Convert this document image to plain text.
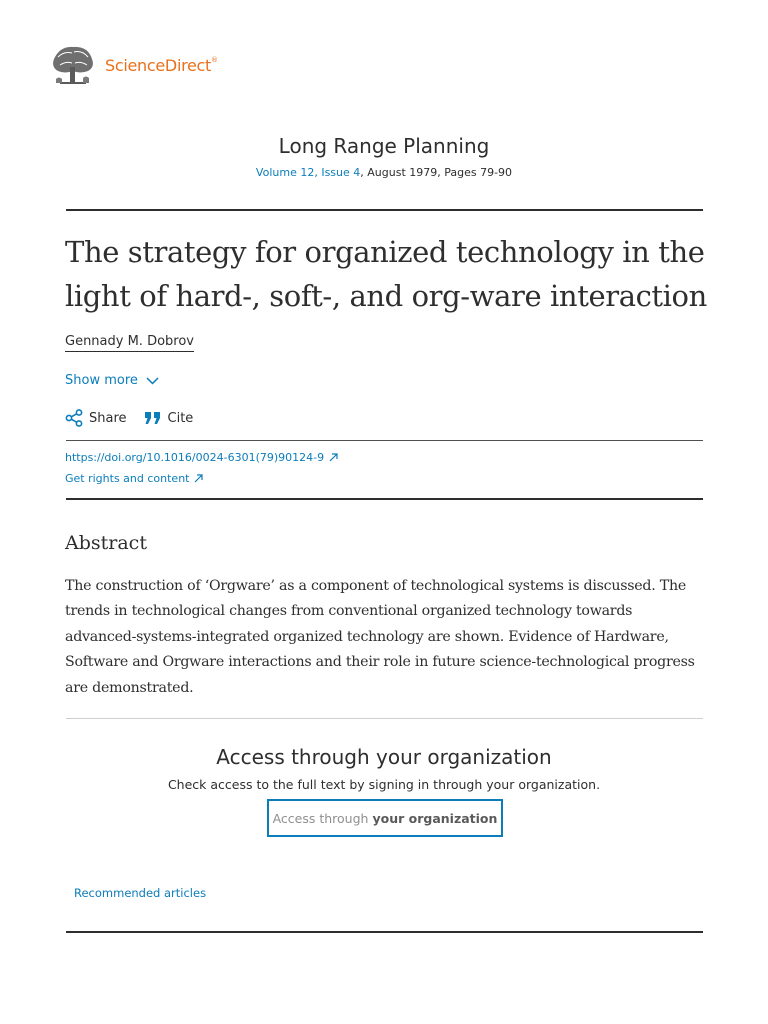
ScienceDirect®
Long Range Planning
Volume 12, Issue 4, August 1979, Pages 79-90
The strategy for organized technology in the light of hard-, soft-, and org-ware interaction
Gennady M. Dobrov
Show more
Share	Cite
https://doi.org/10.1016/0024-6301(79)90124-9
Get rights and content
Abstract
The construction of ‘Orgware’ as a component of technological systems is discussed. The trends in technological changes from conventional organized technology towards advanced-systems-integrated organized technology are shown. Evidence of Hardware, Software and Orgware interactions and their role in future science-technological progress are demonstrated.
Access through your organization
Check access to the full text by signing in through your organization.
Access through your organization
Recommended articles
